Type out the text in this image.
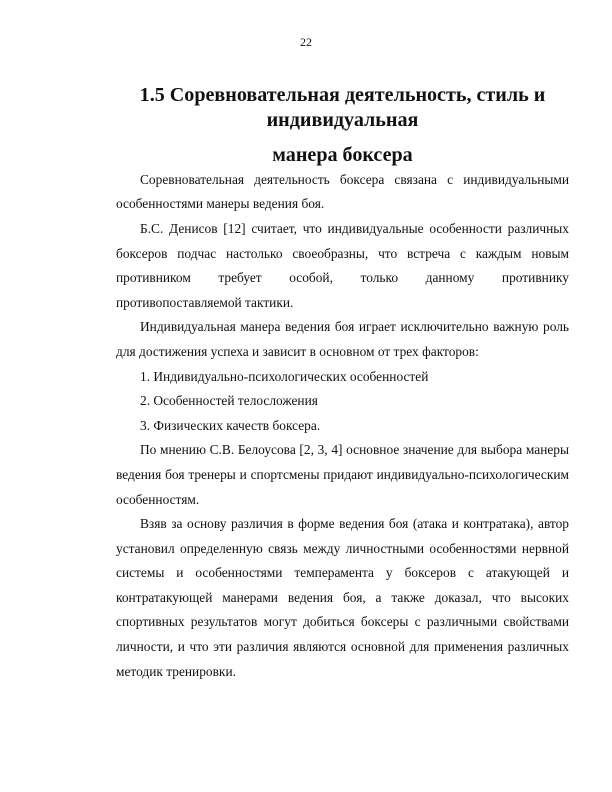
22
1.5 Соревновательная деятельность, стиль и индивидуальная
манера боксера

Соревновательная деятельность боксера связана с индивидуальными особенностями манеры ведения боя.

Б.С. Денисов [12] считает, что индивидуальные особенности различных боксеров подчас настолько своеобразны, что встреча с каждым новым противником требует особой, только данному противнику противопоставляемой тактики.

Индивидуальная манера ведения боя играет исключительно важную роль для достижения успеха и зависит в основном от трех факторов:

1. Индивидуально-психологических особенностей

2. Особенностей телосложения

3. Физических качеств боксера.

По мнению С.В. Белоусова [2, 3, 4] основное значение для выбора манеры ведения боя тренеры и спортсмены придают индивидуально-психологическим особенностям.

Взяв за основу различия в форме ведения боя (атака и контратака), автор установил определенную связь между личностными особенностями нервной системы и особенностями темперамента у боксеров с атакующей и контратакующей манерами ведения боя, а также доказал, что высоких спортивных результатов могут добиться боксеры с различными свойствами личности, и что эти различия являются основной для применения различных методик тренировки.
